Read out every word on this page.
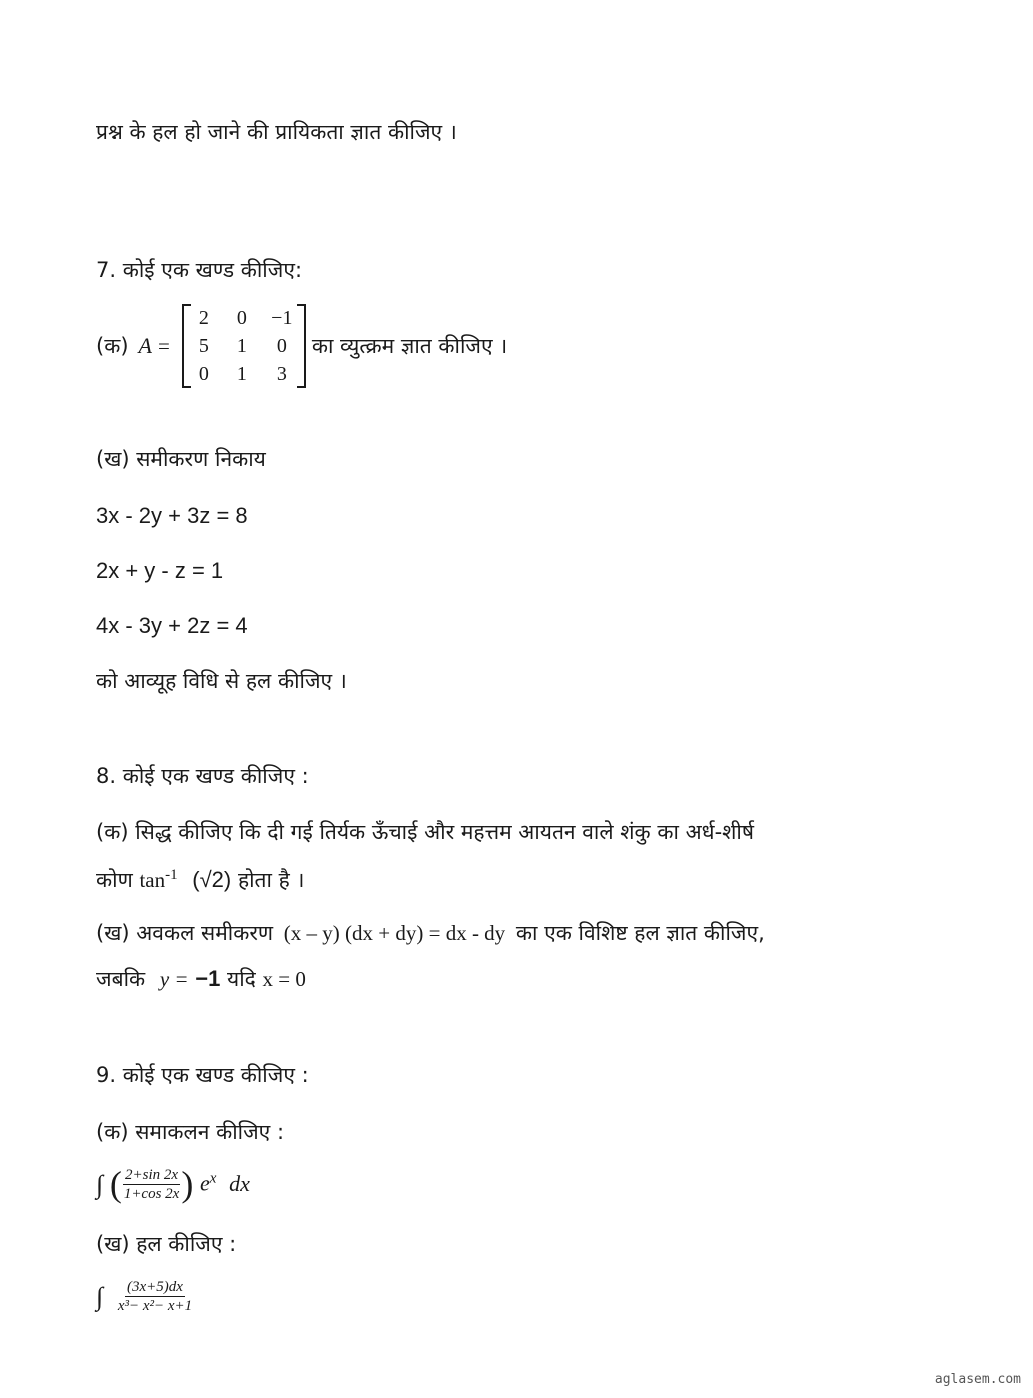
प्रश्न के हल हो जाने की प्रायिकता ज्ञात कीजिए ।
7. कोई एक खण्ड कीजिए:
(क) A =
2	0	−1
5	1	0
0	1	3
का व्युत्क्रम ज्ञात कीजिए ।
(ख) समीकरण निकाय
3x - 2y + 3z = 8
2x + y - z = 1
4x - 3y + 2z = 4
को आव्यूह विधि से हल कीजिए ।
8. कोई एक खण्ड कीजिए :
(क) सिद्ध कीजिए कि दी गई तिर्यक ऊँचाई और महत्तम आयतन वाले शंकु का अर्ध-शीर्ष
कोण $\tan^{-1} (√2)$ होता है ।
(ख) अवकल समीकरण (x – y) (dx + dy) = dx - dy का एक विशिष्ट हल ज्ञात कीजिए,
जबकि y = −1 यदि x = 0
9. कोई एक खण्ड कीजिए :
(क) समाकलन कीजिए :
∫ ( $\frac{2+\sin 2x}{1+\cos 2x}$ ) $e^x$ dx
(ख) हल कीजिए :
∫ $\frac{(3x+5)dx}{\text{x³− x²− x+1}}$
aglasem.com
